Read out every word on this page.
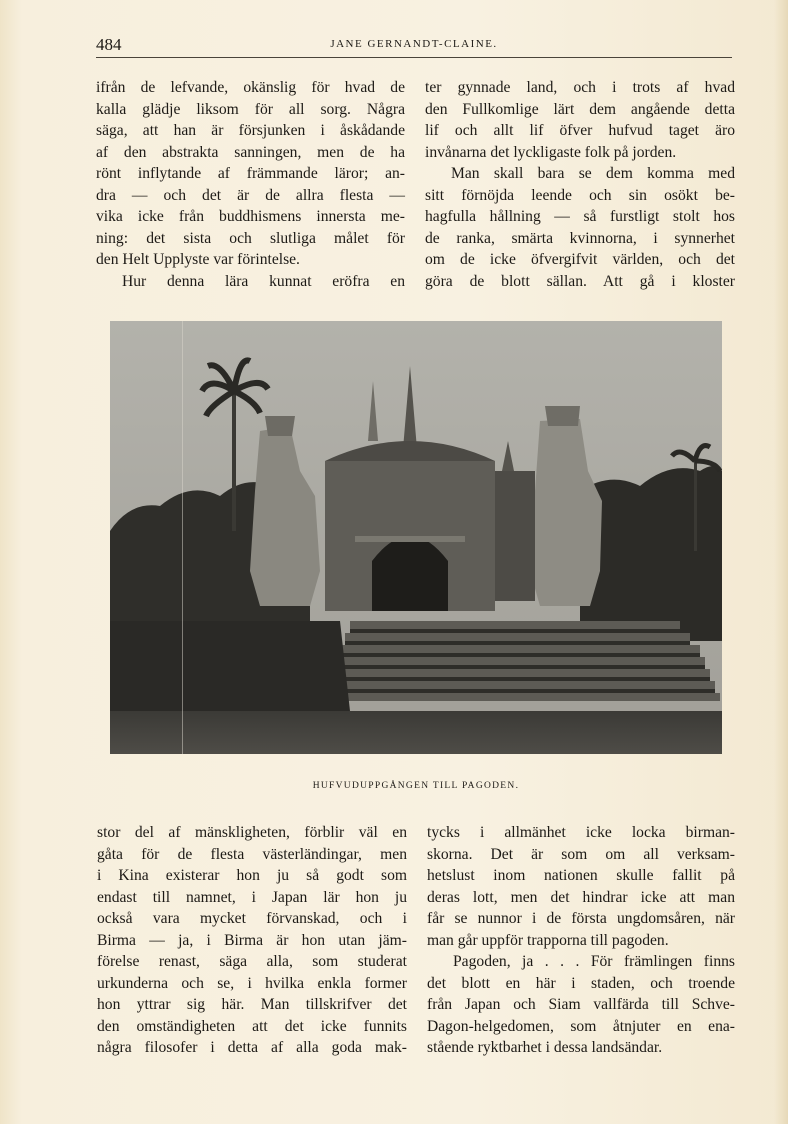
484	JANE GERNANDT-CLAINE.
ifrån de lefvande, okänslig för hvad de
kalla glädje liksom för all sorg. Några
säga, att han är försjunken i åskådande
af den abstrakta sanningen, men de ha
rönt inflytande af främmande läror; an-
dra — och det är de allra flesta —
vika icke från buddhismens innersta me-
ning: det sista och slutliga målet för
den Helt Upplyste var förintelse.
Hur denna lära kunnat eröfra en
ter gynnade land, och i trots af hvad
den Fullkomlige lärt dem angående detta
lif och allt lif öfver hufvud taget äro
invånarna det lyckligaste folk på jorden.
Man skall bara se dem komma med
sitt förnöjda leende och sin osökt be-
hagfulla hållning — så furstligt stolt hos
de ranka, smärta kvinnorna, i synnerhet
om de icke öfvergifvit världen, och det
göra de blott sällan. Att gå i kloster
HUFVUDUPPGÅNGEN TILL PAGODEN.
stor del af mänskligheten, förblir väl en
gåta för de flesta västerländingar, men
i Kina existerar hon ju så godt som
endast till namnet, i Japan lär hon ju
också vara mycket förvanskad, och i
Birma — ja, i Birma är hon utan jäm-
förelse renast, säga alla, som studerat
urkunderna och se, i hvilka enkla former
hon yttrar sig här. Man tillskrifver det
den omständigheten att det icke funnits
några filosofer i detta af alla goda mak-
tycks i allmänhet icke locka birman-
skorna. Det är som om all verksam-
hetslust inom nationen skulle fallit på
deras lott, men det hindrar icke att man
får se nunnor i de första ungdomsåren, när
man går uppför trapporna till pagoden.
Pagoden, ja . . . För främlingen finns
det blott en här i staden, och troende
från Japan och Siam vallfärda till Schve-
Dagon-helgedomen, som åtnjuter en ena-
stående ryktbarhet i dessa landsändar.
